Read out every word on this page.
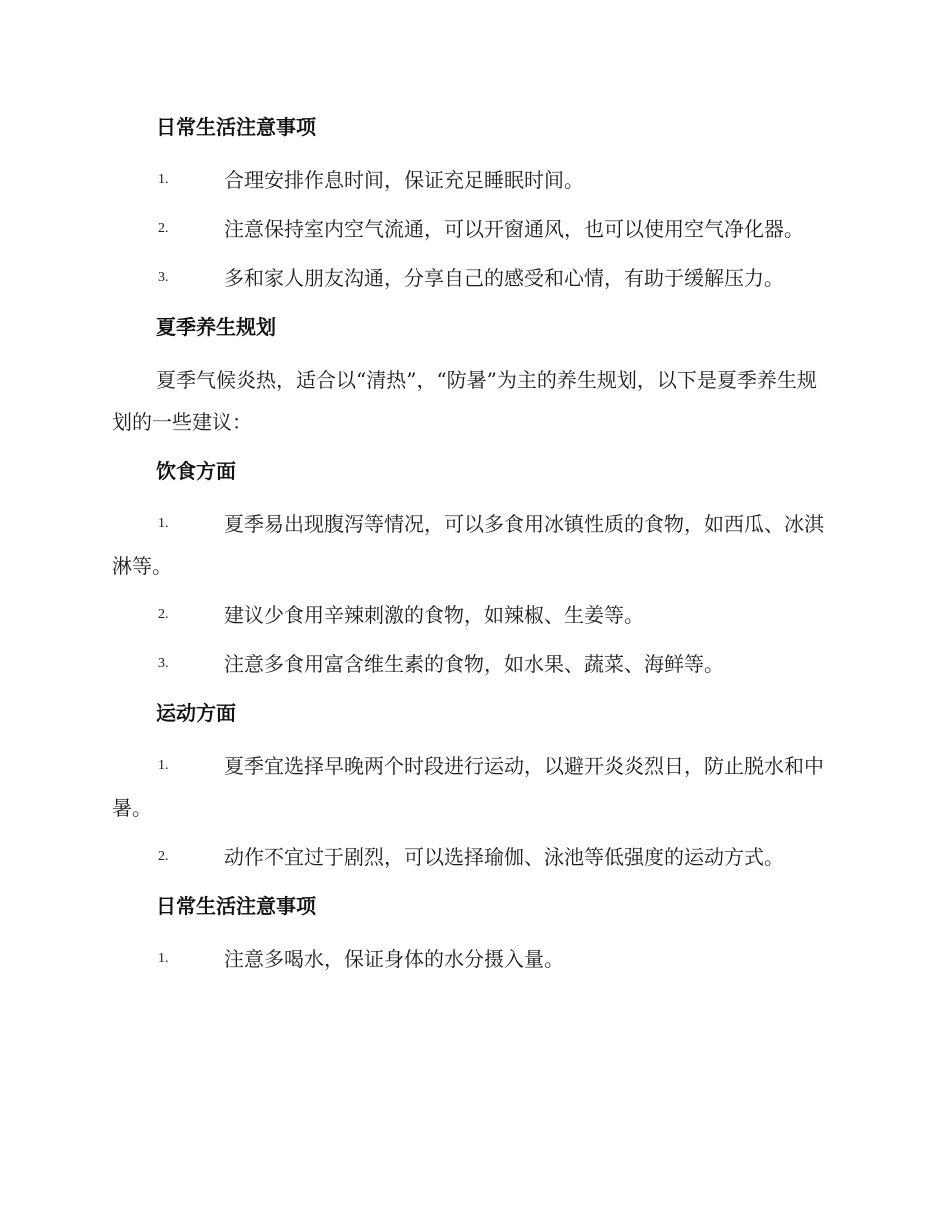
日常生活注意事项
1.	合理安排作息时间，保证充足睡眠时间。
2.	注意保持室内空气流通，可以开窗通风，也可以使用空气净化器。
3.	多和家人朋友沟通，分享自己的感受和心情，有助于缓解压力。
夏季养生规划
夏季气候炎热，适合以“清热”，“防暑”为主的养生规划，以下是夏季养生规划的一些建议：
饮食方面
1.	夏季易出现腹泻等情况，可以多食用冰镇性质的食物，如西瓜、冰淇淋等。
2.	建议少食用辛辣刺激的食物，如辣椒、生姜等。
3.	注意多食用富含维生素的食物，如水果、蔬菜、海鲜等。
运动方面
1.	夏季宜选择早晚两个时段进行运动，以避开炎炎烈日，防止脱水和中暑。
2.	动作不宜过于剧烈，可以选择瑜伽、泳池等低强度的运动方式。
日常生活注意事项
1.	注意多喝水，保证身体的水分摄入量。
